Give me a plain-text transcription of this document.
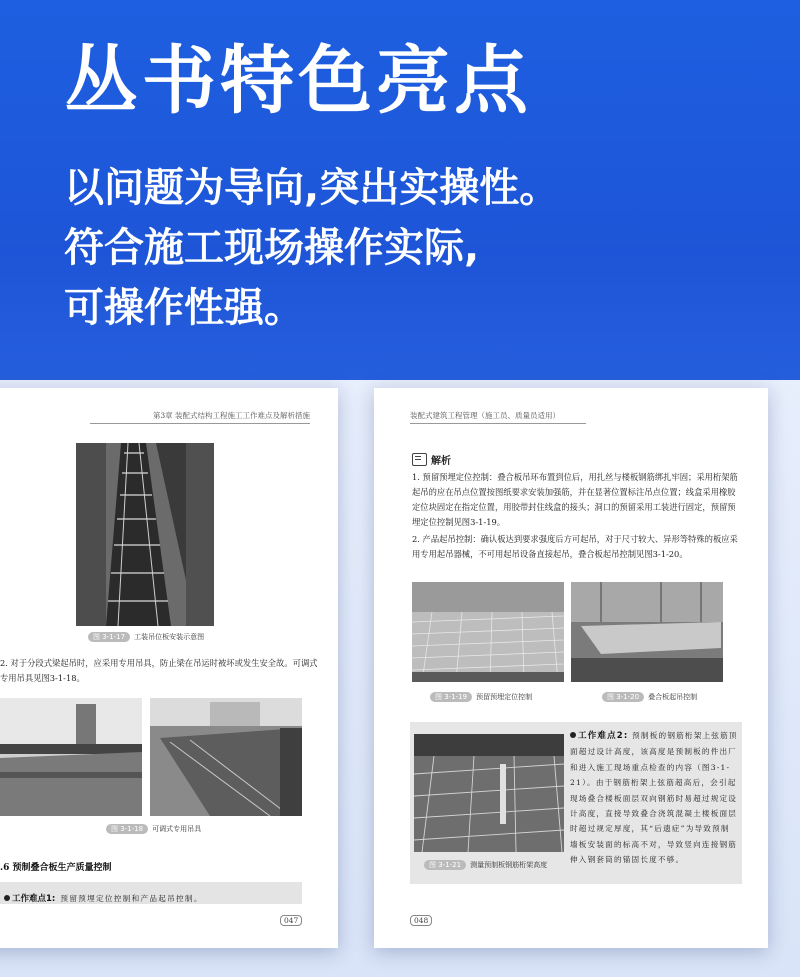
丛书特色亮点
以问题为导向,突出实操性。
符合施工现场操作实际,
可操作性强。
第3章 装配式结构工程施工工作难点及解析措施
图 3-1-17 工装吊位板安装示意图

2. 对于分段式梁起吊时，应采用专用吊具，防止梁在吊运时被坏或发生安全故。可调式专用吊具见图3-1-18。

图 3-1-18 可调式专用吊具
.6 预制叠合板生产质量控制
工作难点1: 预留预埋定位控制和产品起吊控制。
047
装配式建筑工程管理（施工员、质量员适用）
解析

1. 预留预埋定位控制：叠合板吊环布置到位后，用扎丝与楼板钢筋绑扎牢固；采用桁架筋起吊的应在吊点位置按图纸要求安装加强筋，并在显著位置标注吊点位置；线盒采用橡胶定位块固定在指定位置，用胶带封住线盒的接头；洞口的预留采用工装进行固定，预留预埋定位控制见图3-1-19。

2. 产品起吊控制：确认板达到要求强度后方可起吊，对于尺寸较大、异形等特殊的板应采用专用起吊器械，不可用起吊设备直接起吊，叠合板起吊控制见图3-1-20。

图 3-1-19 预留预埋定位控制	图 3-1-20 叠合板起吊控制
图 3-1-21 测量预制板钢筋桁架高度

工作难点2: 预制板的钢筋桁架上弦筋顶面超过设计高度，该高度是预制板的件出厂和进入施工现场重点检查的内容（图3-1-21）。由于钢筋桁架上弦筋超高后，会引起现场叠合楼板面层双向钢筋时易超过规定设计高度，直接导致叠合浇筑混凝土楼板面层时超过规定厚度，其“后遗症”为导致预制墙板安装面的标高不对，导致竖向连接钢筋伸入钢套筒的锚固长度不够。

048
